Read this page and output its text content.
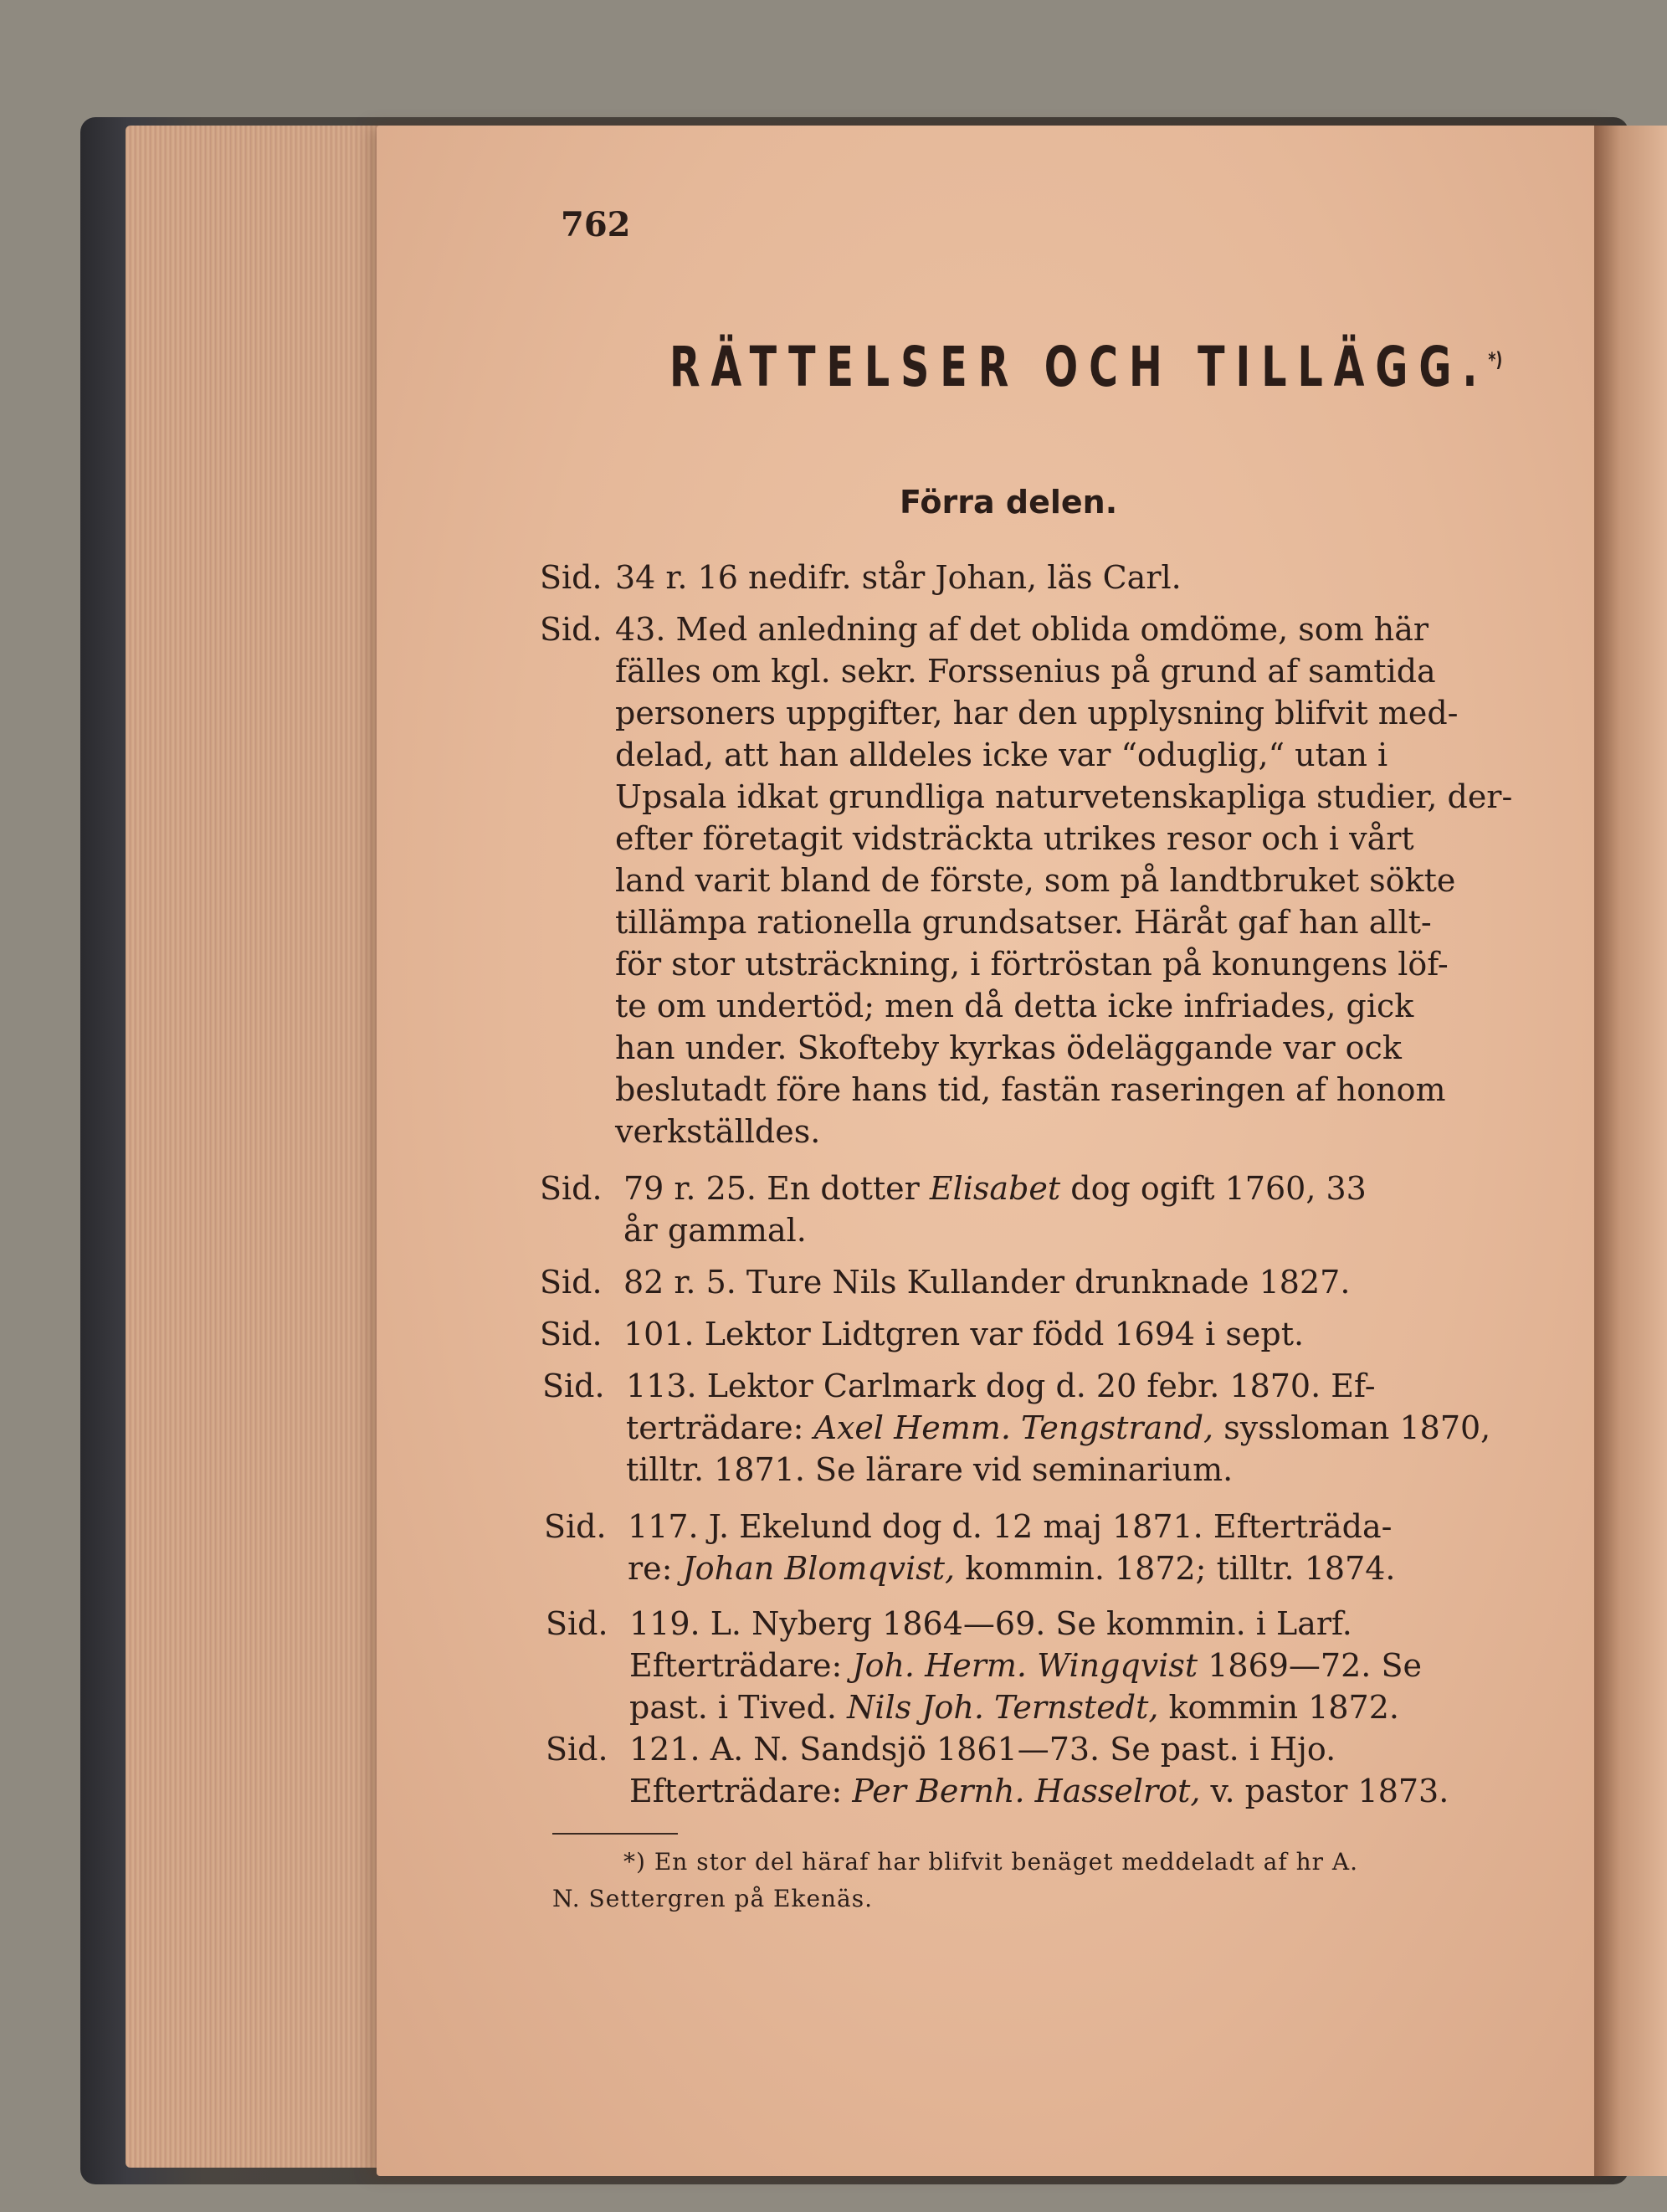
762
RÄTTELSER OCH TILLÄGG.*)
Förra delen.
Sid. 34 r. 16 nedifr. står Johan, läs Carl.
Sid. 43. Med anledning af det oblida omdöme, som här
fälles om kgl. sekr. Forssenius på grund af samtida
personers uppgifter, har den upplysning blifvit med-
delad, att han alldeles icke var “oduglig,“ utan i
Upsala idkat grundliga naturvetenskapliga studier, der-
efter företagit vidsträckta utrikes resor och i vårt
land varit bland de förste, som på landtbruket sökte
tillämpa rationella grundsatser. Häråt gaf han allt-
för stor utsträckning, i förtröstan på konungens löf-
te om undertöd; men då detta icke infriades, gick
han under. Skofteby kyrkas ödeläggande var ock
beslutadt före hans tid, fastän raseringen af honom
verkställdes.
Sid. 79 r. 25. En dotter Elisabet dog ogift 1760, 33
år gammal.
Sid. 82 r. 5. Ture Nils Kullander drunknade 1827.
Sid. 101. Lektor Lidtgren var född 1694 i sept.
Sid. 113. Lektor Carlmark dog d. 20 febr. 1870. Ef-
terträdare: Axel Hemm. Tengstrand, syssloman 1870,
tilltr. 1871. Se lärare vid seminarium.
Sid. 117. J. Ekelund dog d. 12 maj 1871. Efterträda-
re: Johan Blomqvist, kommin. 1872; tilltr. 1874.
Sid. 119. L. Nyberg 1864—69. Se kommin. i Larf.
Efterträdare: Joh. Herm. Wingqvist 1869—72. Se
past. i Tived. Nils Joh. Ternstedt, kommin 1872.
Sid. 121. A. N. Sandsjö 1861—73. Se past. i Hjo.
Efterträdare: Per Bernh. Hasselrot, v. pastor 1873.
*) En stor del häraf har blifvit benäget meddeladt af hr A.
N. Settergren på Ekenäs.
